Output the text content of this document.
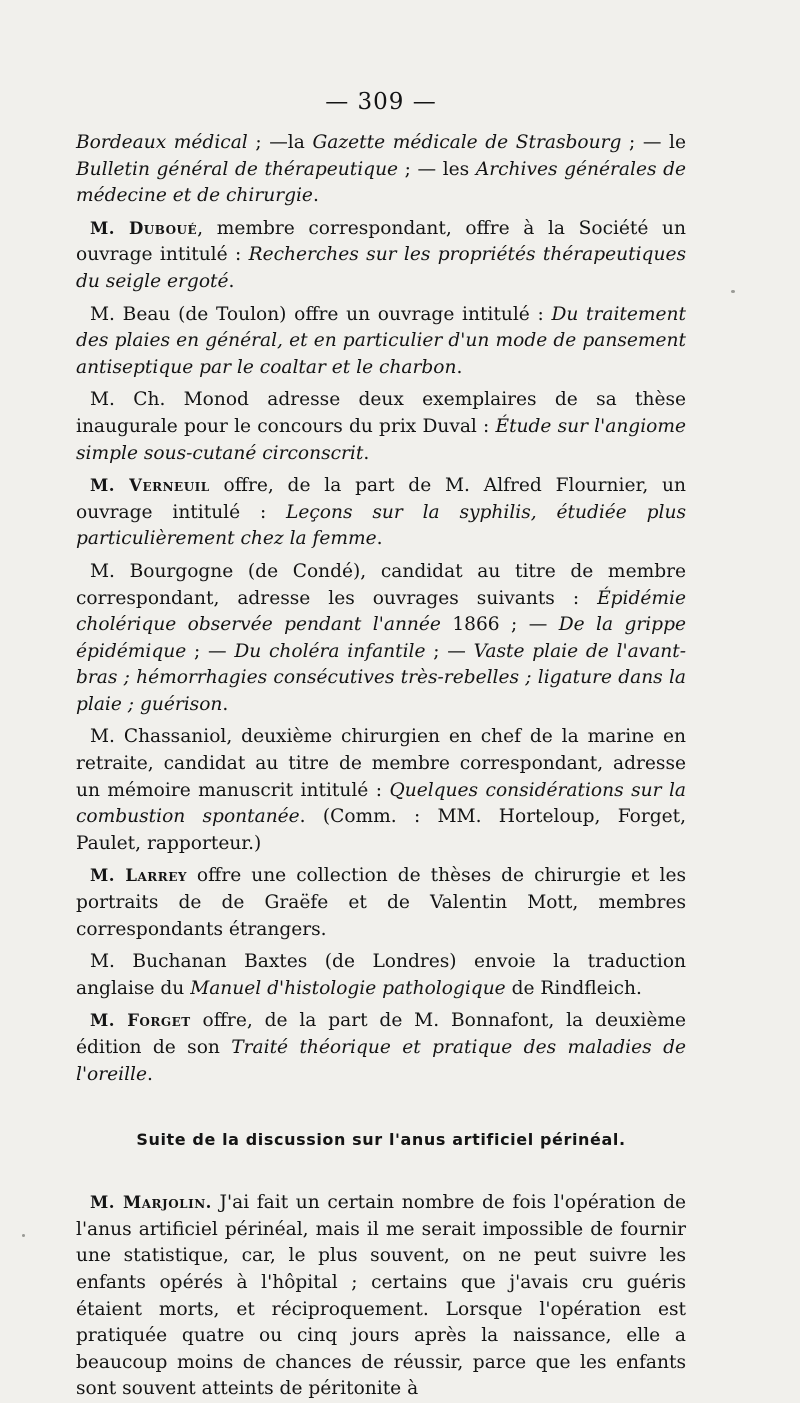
— 309 —

Bordeaux médical ; —la Gazette médicale de Strasbourg ; — le Bulletin général de thérapeutique ; — les Archives générales de médecine et de chirurgie.

M. Duboué, membre correspondant, offre à la Société un ouvrage intitulé : Recherches sur les propriétés thérapeutiques du seigle ergoté.

M. Beau (de Toulon) offre un ouvrage intitulé : Du traitement des plaies en général, et en particulier d'un mode de pansement antiseptique par le coaltar et le charbon.

M. Ch. Monod adresse deux exemplaires de sa thèse inaugurale pour le concours du prix Duval : Étude sur l'angiome simple sous-cutané circonscrit.

M. Verneuil offre, de la part de M. Alfred Flournier, un ouvrage intitulé : Leçons sur la syphilis, étudiée plus particulièrement chez la femme.

M. Bourgogne (de Condé), candidat au titre de membre correspondant, adresse les ouvrages suivants : Épidémie cholérique observée pendant l'année 1866 ; — De la grippe épidémique ; — Du choléra infantile ; — Vaste plaie de l'avant-bras ; hémorrhagies consécutives très-rebelles ; ligature dans la plaie ; guérison.

M. Chassaniol, deuxième chirurgien en chef de la marine en retraite, candidat au titre de membre correspondant, adresse un mémoire manuscrit intitulé : Quelques considérations sur la combustion spontanée. (Comm. : MM. Horteloup, Forget, Paulet, rapporteur.)

M. Larrey offre une collection de thèses de chirurgie et les portraits de de Graëfe et de Valentin Mott, membres correspondants étrangers.

M. Buchanan Baxtes (de Londres) envoie la traduction anglaise du Manuel d'histologie pathologique de Rindfleich.

M. Forget offre, de la part de M. Bonnafont, la deuxième édition de son Traité théorique et pratique des maladies de l'oreille.

Suite de la discussion sur l'anus artificiel périnéal.

M. Marjolin. J'ai fait un certain nombre de fois l'opération de l'anus artificiel périnéal, mais il me serait impossible de fournir une statistique, car, le plus souvent, on ne peut suivre les enfants opérés à l'hôpital ; certains que j'avais cru guéris étaient morts, et réciproquement. Lorsque l'opération est pratiquée quatre ou cinq jours après la naissance, elle a beaucoup moins de chances de réussir, parce que les enfants sont souvent atteints de péritonite à
